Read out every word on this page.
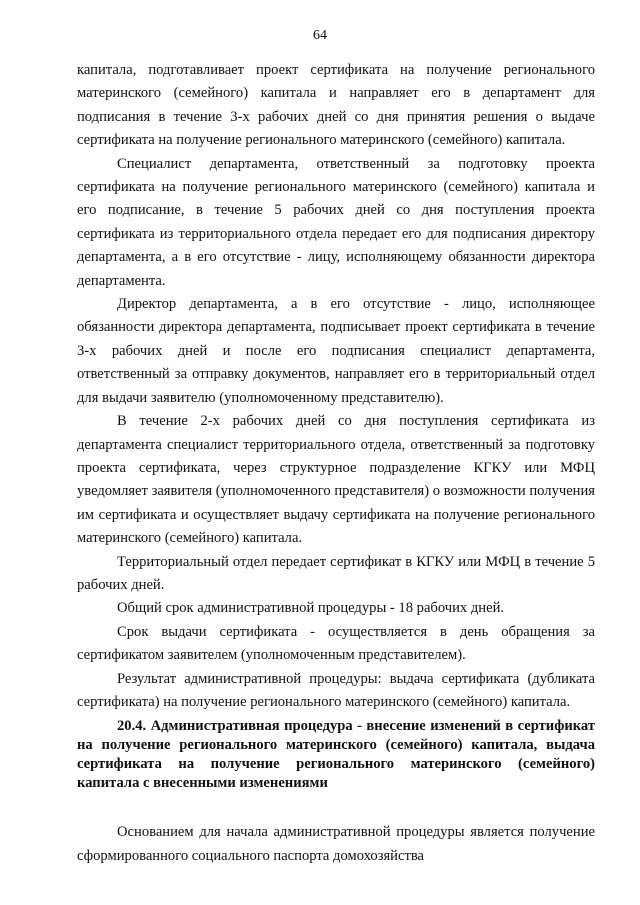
64

капитала, подготавливает проект сертификата на получение регионального материнского (семейного) капитала и направляет его в департамент для подписания в течение 3-х рабочих дней со дня принятия решения о выдаче сертификата на получение регионального материнского (семейного) капитала.

Специалист департамента, ответственный за подготовку проекта сертификата на получение регионального материнского (семейного) капитала и его подписание, в течение 5 рабочих дней со дня поступления проекта сертификата из территориального отдела передает его для подписания директору департамента, а в его отсутствие - лицу, исполняющему обязанности директора департамента.

Директор департамента, а в его отсутствие - лицо, исполняющее обязанности директора департамента, подписывает проект сертификата в течение 3-х рабочих дней и после его подписания специалист департамента, ответственный за отправку документов, направляет его в территориальный отдел для выдачи заявителю (уполномоченному представителю).

В течение 2-х рабочих дней со дня поступления сертификата из департамента специалист территориального отдела, ответственный за подготовку проекта сертификата, через структурное подразделение КГКУ или МФЦ уведомляет заявителя (уполномоченного представителя) о возможности получения им сертификата и осуществляет выдачу сертификата на получение регионального материнского (семейного) капитала.

Территориальный отдел передает сертификат в КГКУ или МФЦ в течение 5 рабочих дней.

Общий срок административной процедуры - 18 рабочих дней.

Срок выдачи сертификата - осуществляется в день обращения за сертификатом заявителем (уполномоченным представителем).

Результат административной процедуры: выдача сертификата (дубликата сертификата) на получение регионального материнского (семейного) капитала.

20.4. Административная процедура - внесение изменений в сертификат на получение регионального материнского (семейного) капитала, выдача сертификата на получение регионального материнского (семейного) капитала с внесенными изменениями

Основанием для начала административной процедуры является получение сформированного социального паспорта домохозяйства
